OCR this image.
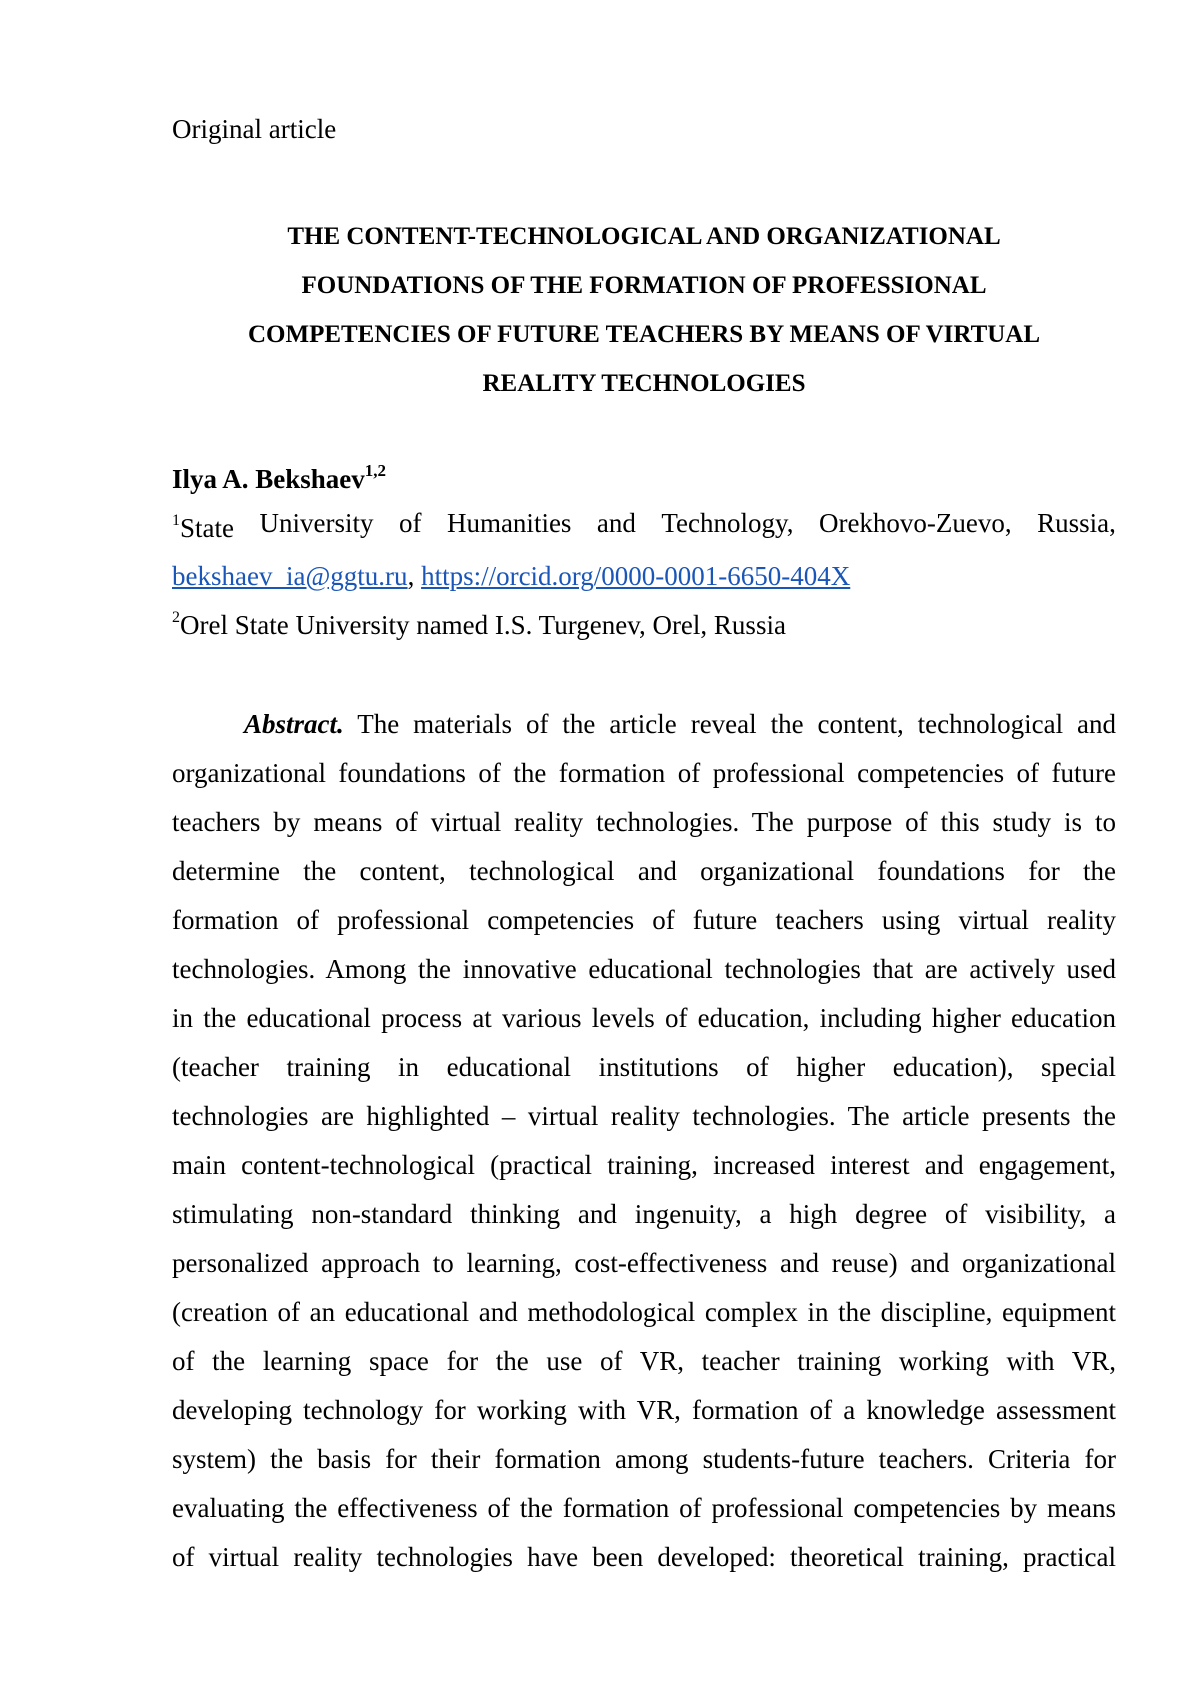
Original article
THE CONTENT-TECHNOLOGICAL AND ORGANIZATIONAL
FOUNDATIONS OF THE FORMATION OF PROFESSIONAL
COMPETENCIES OF FUTURE TEACHERS BY MEANS OF VIRTUAL
REALITY TECHNOLOGIES
Ilya A. Bekshaev$^{1,2}$
$^1$State University of Humanities and Technology, Orekhovo-Zuevo, Russia,
bekshaev_ia@ggtu.ru, https://orcid.org/0000-0001-6650-404X
$^2$Orel State University named I.S. Turgenev, Orel, Russia
Abstract. The materials of the article reveal the content, technological and
organizational foundations of the formation of professional competencies of future
teachers by means of virtual reality technologies. The purpose of this study is to
determine the content, technological and organizational foundations for the
formation of professional competencies of future teachers using virtual reality
technologies. Among the innovative educational technologies that are actively used
in the educational process at various levels of education, including higher education
(teacher training in educational institutions of higher education), special
technologies are highlighted – virtual reality technologies. The article presents the
main content-technological (practical training, increased interest and engagement,
stimulating non-standard thinking and ingenuity, a high degree of visibility, a
personalized approach to learning, cost-effectiveness and reuse) and organizational
(creation of an educational and methodological complex in the discipline, equipment
of the learning space for the use of VR, teacher training working with VR,
developing technology for working with VR, formation of a knowledge assessment
system) the basis for their formation among students-future teachers. Criteria for
evaluating the effectiveness of the formation of professional competencies by means
of virtual reality technologies have been developed: theoretical training, practical
